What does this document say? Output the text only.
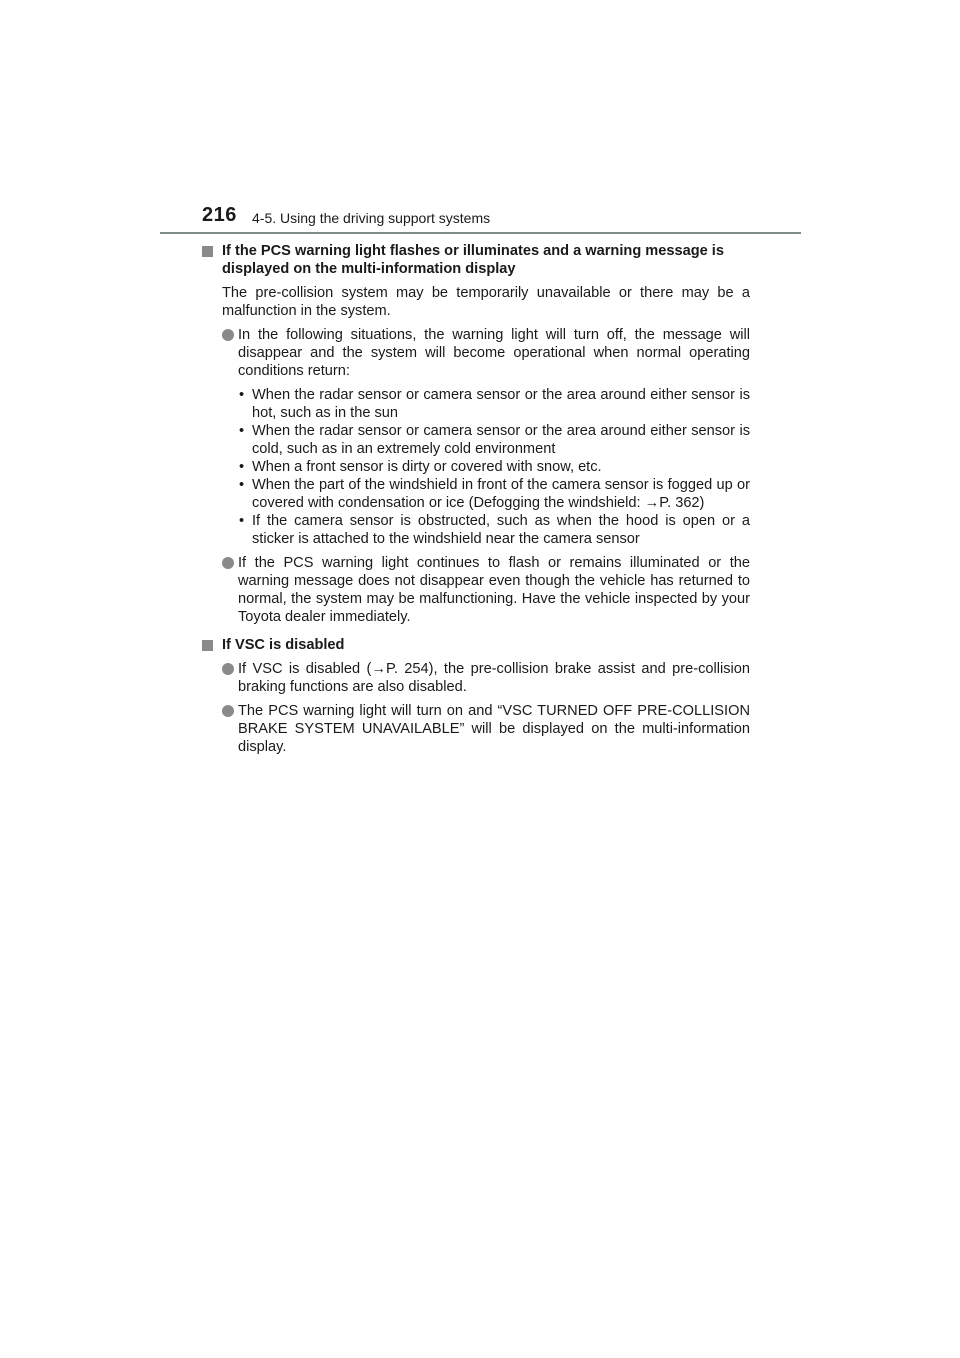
216 4-5. Using the driving support systems
If the PCS warning light flashes or illuminates and a warning message is displayed on the multi-information display
The pre-collision system may be temporarily unavailable or there may be a malfunction in the system.
In the following situations, the warning light will turn off, the message will disappear and the system will become operational when normal operating conditions return:
• When the radar sensor or camera sensor or the area around either sensor is hot, such as in the sun
• When the radar sensor or camera sensor or the area around either sensor is cold, such as in an extremely cold environment
• When a front sensor is dirty or covered with snow, etc.
• When the part of the windshield in front of the camera sensor is fogged up or covered with condensation or ice (Defogging the windshield: →P. 362)
• If the camera sensor is obstructed, such as when the hood is open or a sticker is attached to the windshield near the camera sensor
If the PCS warning light continues to flash or remains illuminated or the warning message does not disappear even though the vehicle has returned to normal, the system may be malfunctioning. Have the vehicle inspected by your Toyota dealer immediately.
If VSC is disabled
If VSC is disabled (→P. 254), the pre-collision brake assist and pre-collision braking functions are also disabled.
The PCS warning light will turn on and “VSC TURNED OFF PRE-COLLISION BRAKE SYSTEM UNAVAILABLE” will be displayed on the multi-information display.
